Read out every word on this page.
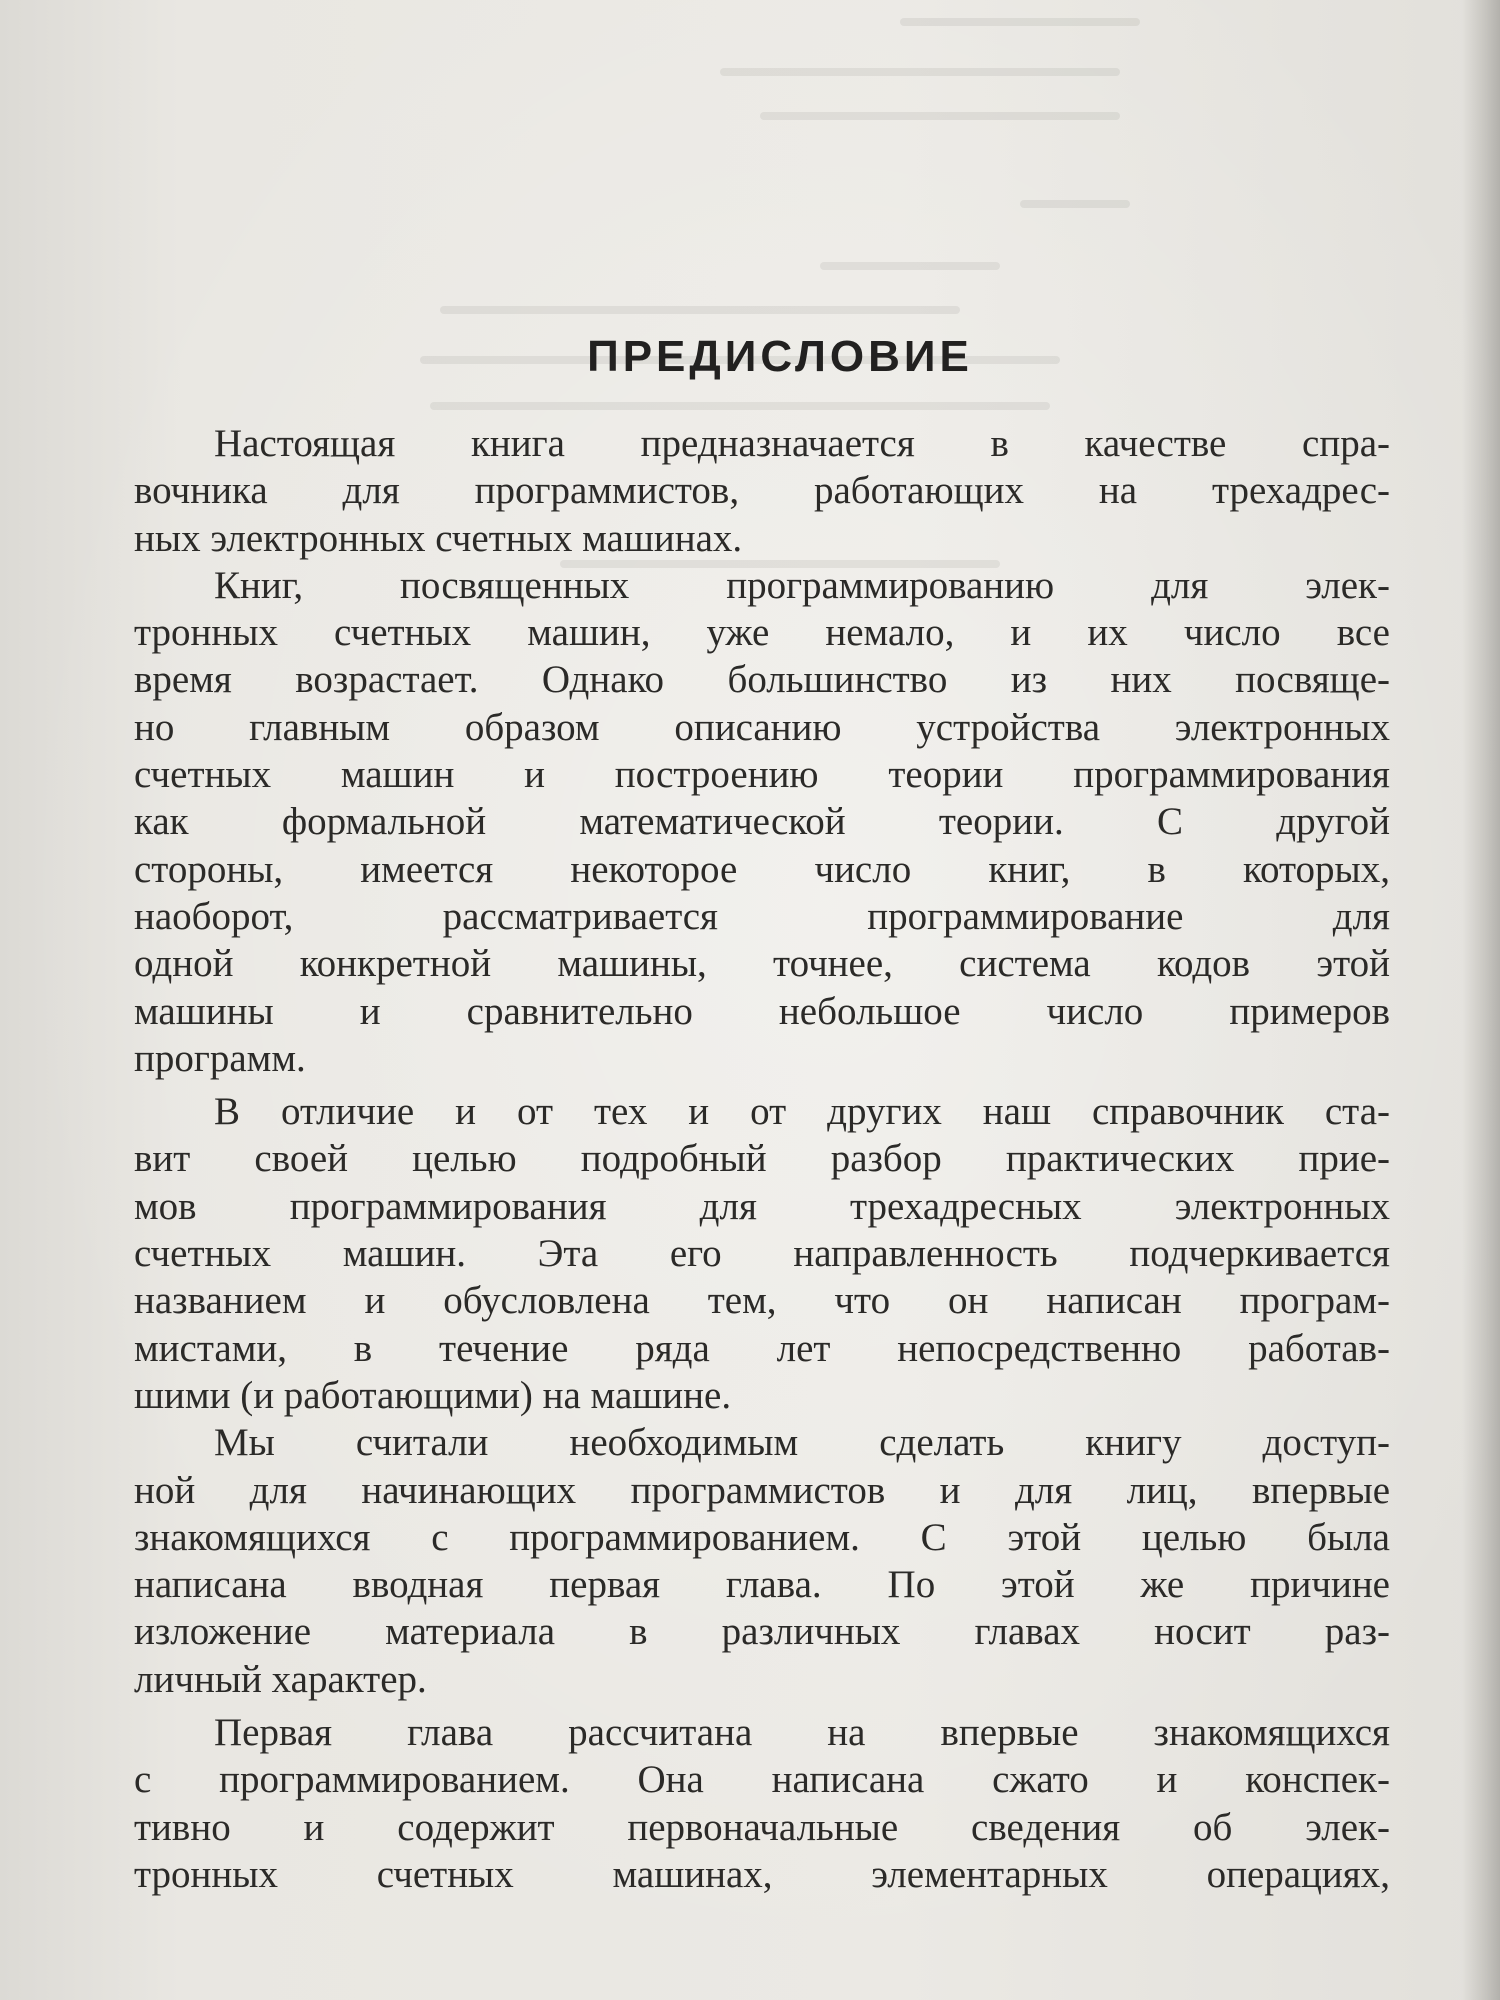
ПРЕДИСЛОВИЕ
Настоящая книга предназначается в качестве спра-
вочника для программистов, работающих на трехадрес-
ных электронных счетных машинах.
Книг, посвященных программированию для элек-
тронных счетных машин, уже немало, и их число все
время возрастает. Однако большинство из них посвяще-
но главным образом описанию устройства электронных
счетных машин и построению теории программирования
как формальной математической теории. С другой
стороны, имеется некоторое число книг, в которых,
наоборот, рассматривается программирование для
одной конкретной машины, точнее, система кодов этой
машины и сравнительно небольшое число примеров
программ.
В отличие и от тех и от других наш справочник ста-
вит своей целью подробный разбор практических прие-
мов программирования для трехадресных электронных
счетных машин. Эта его направленность подчеркивается
названием и обусловлена тем, что он написан програм-
мистами, в течение ряда лет непосредственно работав-
шими (и работающими) на машине.
Мы считали необходимым сделать книгу доступ-
ной для начинающих программистов и для лиц, впервые
знакомящихся с программированием. С этой целью была
написана вводная первая глава. По этой же причине
изложение материала в различных главах носит раз-
личный характер.
Первая глава рассчитана на впервые знакомящихся
с программированием. Она написана сжато и конспек-
тивно и содержит первоначальные сведения об элек-
тронных счетных машинах, элементарных операциях,
